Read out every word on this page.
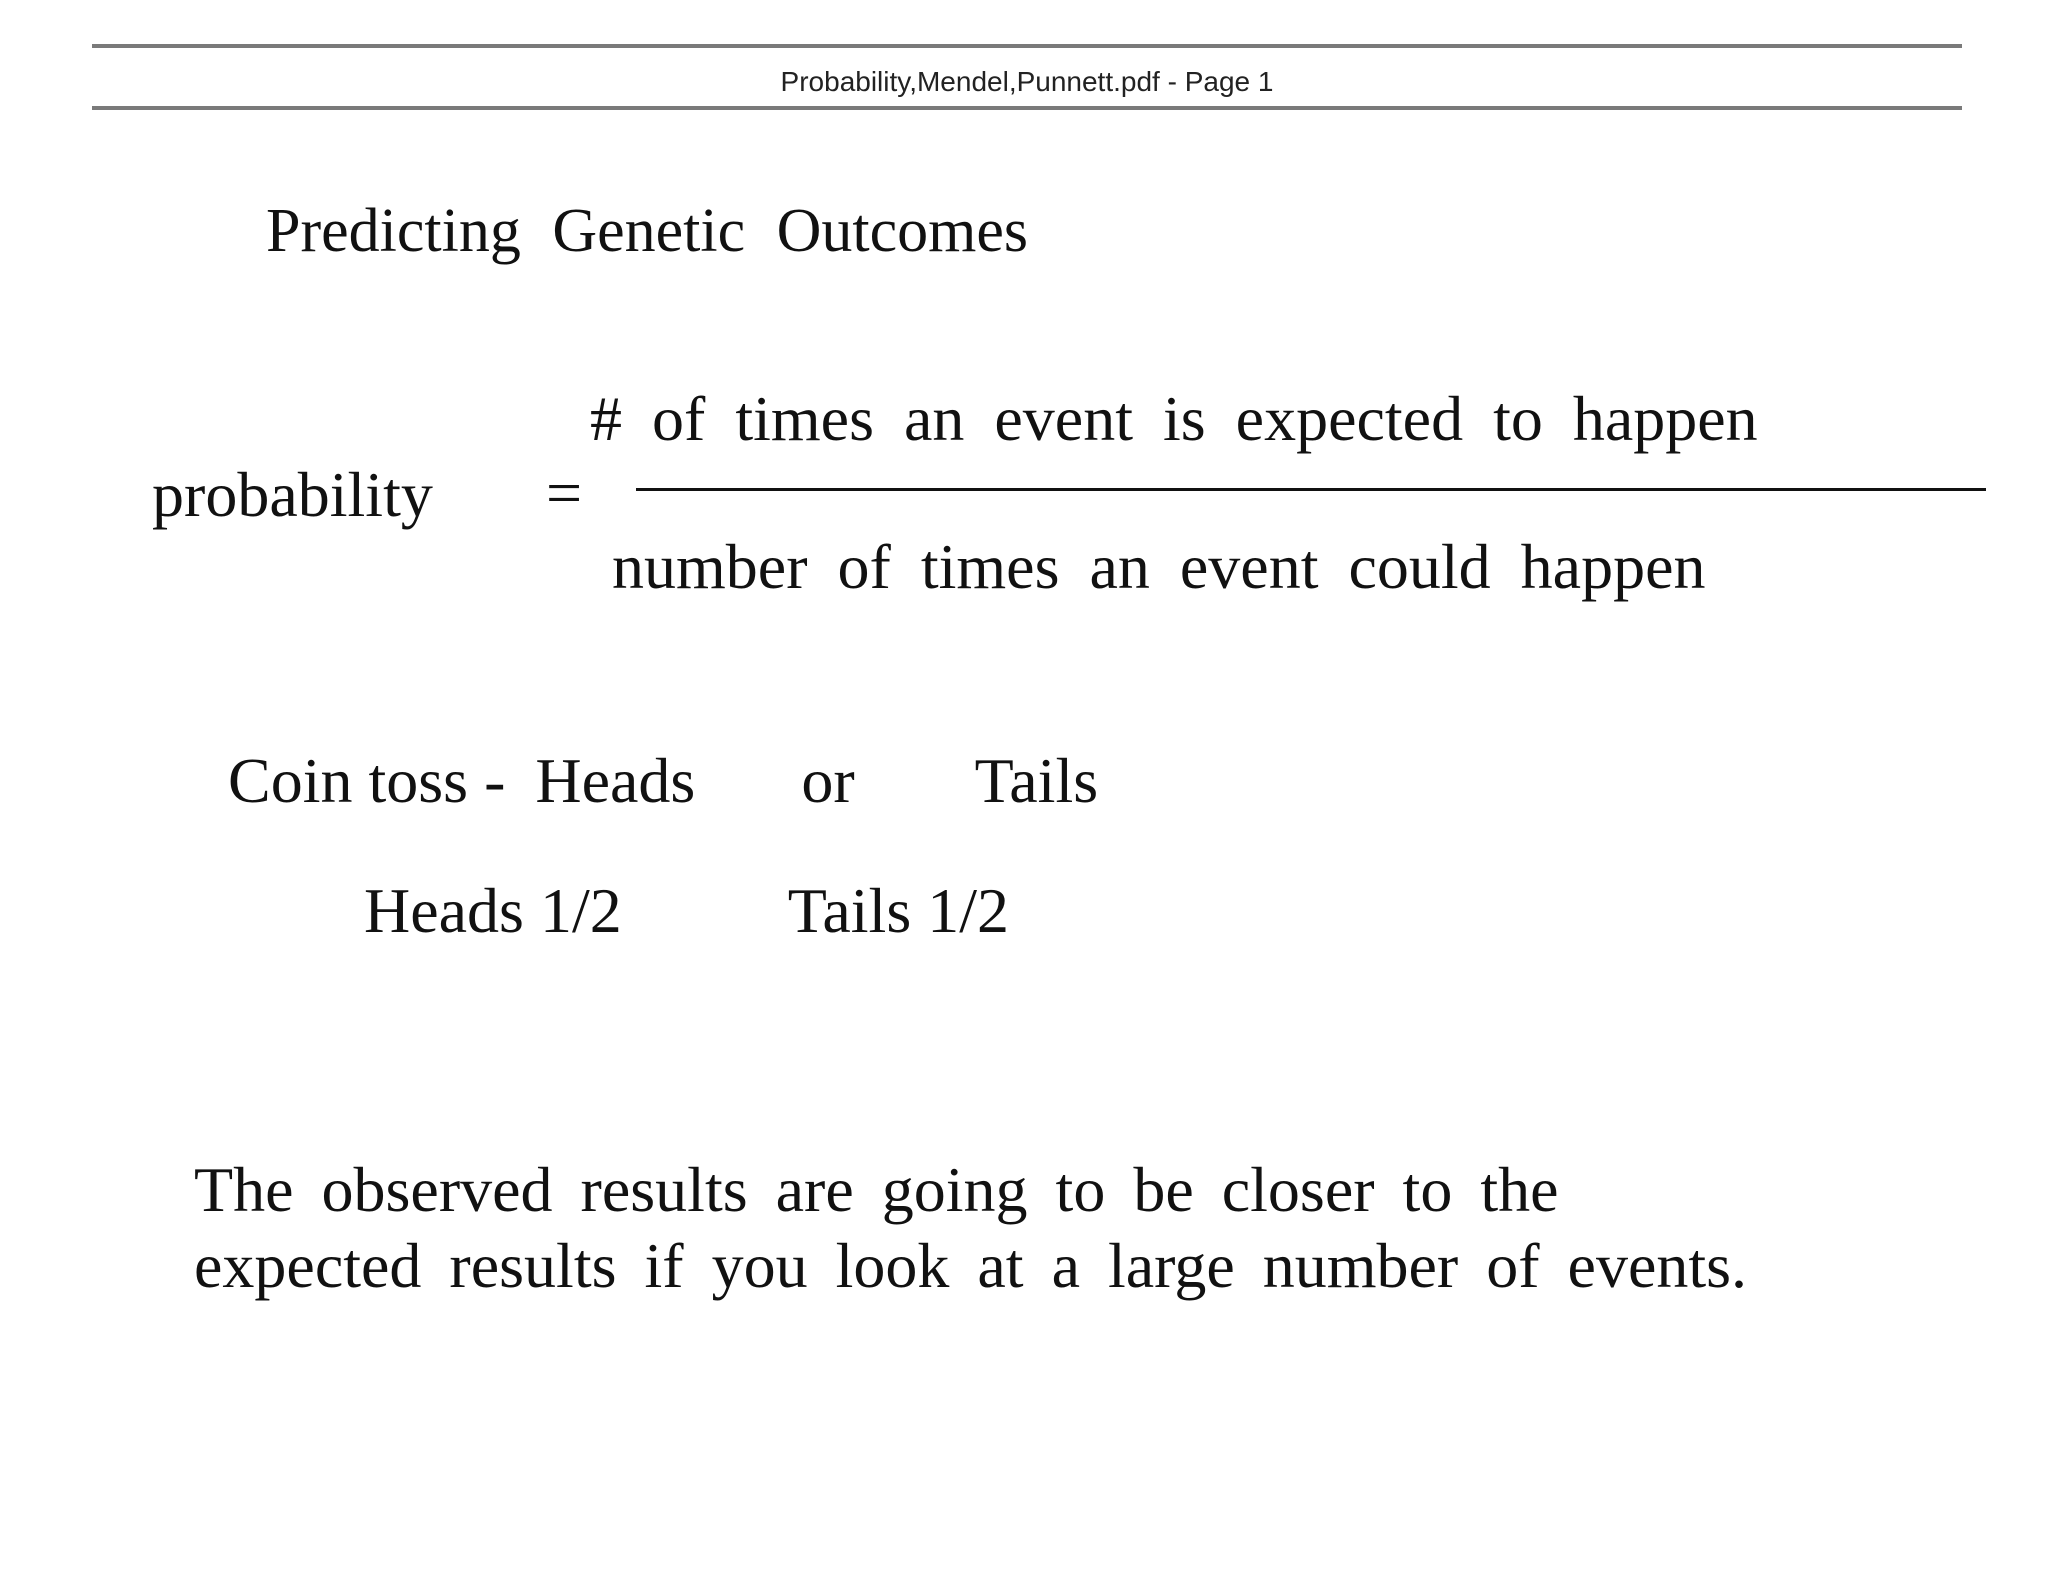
Probability,Mendel,Punnett.pdf - Page 1
Predicting Genetic Outcomes
probability =
# of times an event is expected to happen
number of times an event could happen
Coin toss - Heads or Tails
Heads 1/2	Tails 1/2
The observed results are going to be closer to the
expected results if you look at a large number of events.
